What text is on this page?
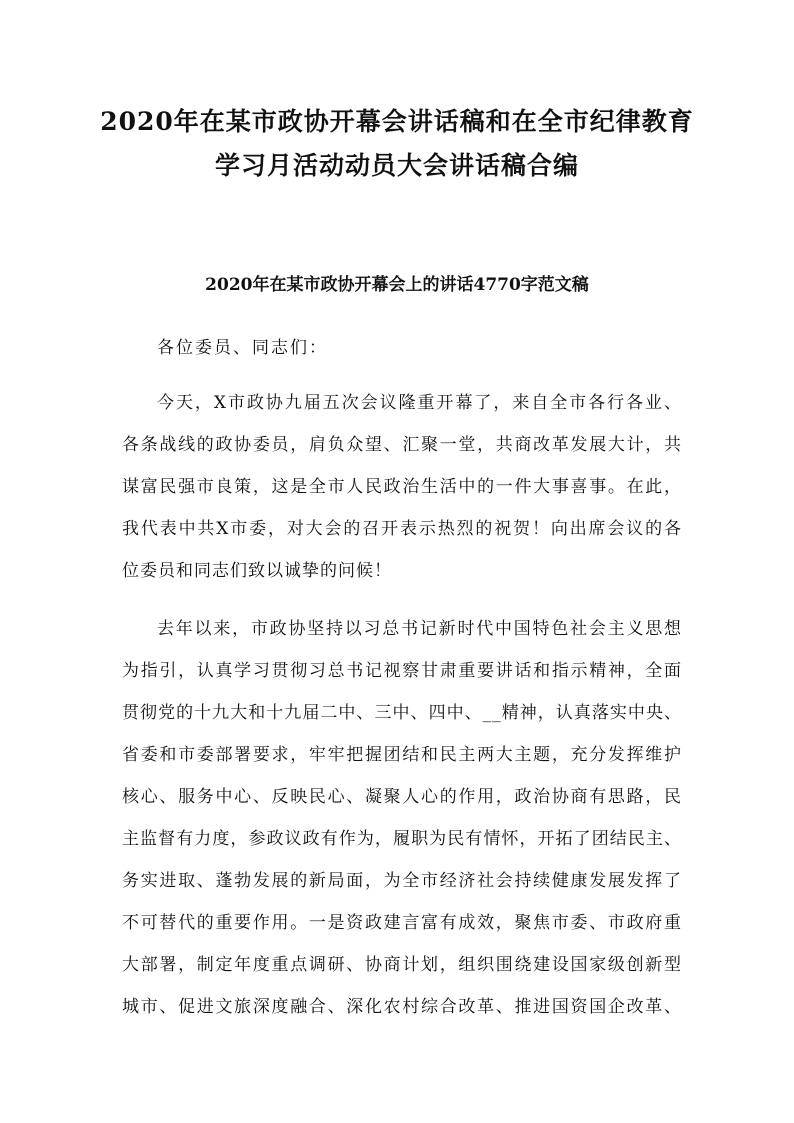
2020年在某市政协开幕会讲话稿和在全市纪律教育
学习月活动动员大会讲话稿合编
2020年在某市政协开幕会上的讲话4770字范文稿

各位委员、同志们：

今天，X市政协九届五次会议隆重开幕了，来自全市各行各业、

各条战线的政协委员，肩负众望、汇聚一堂，共商改革发展大计，共

谋富民强市良策，这是全市人民政治生活中的一件大事喜事。在此，

我代表中共X市委，对大会的召开表示热烈的祝贺！向出席会议的各

位委员和同志们致以诚挚的问候！

去年以来，市政协坚持以习总书记新时代中国特色社会主义思想

为指引，认真学习贯彻习总书记视察甘肃重要讲话和指示精神，全面

贯彻党的十九大和十九届二中、三中、四中、__精神，认真落实中央、

省委和市委部署要求，牢牢把握团结和民主两大主题，充分发挥维护

核心、服务中心、反映民心、凝聚人心的作用，政治协商有思路，民

主监督有力度，参政议政有作为，履职为民有情怀，开拓了团结民主、

务实进取、蓬勃发展的新局面，为全市经济社会持续健康发展发挥了

不可替代的重要作用。一是资政建言富有成效，聚焦市委、市政府重

大部署，制定年度重点调研、协商计划，组织围绕建设国家级创新型

城市、促进文旅深度融合、深化农村综合改革、推进国资国企改革、
